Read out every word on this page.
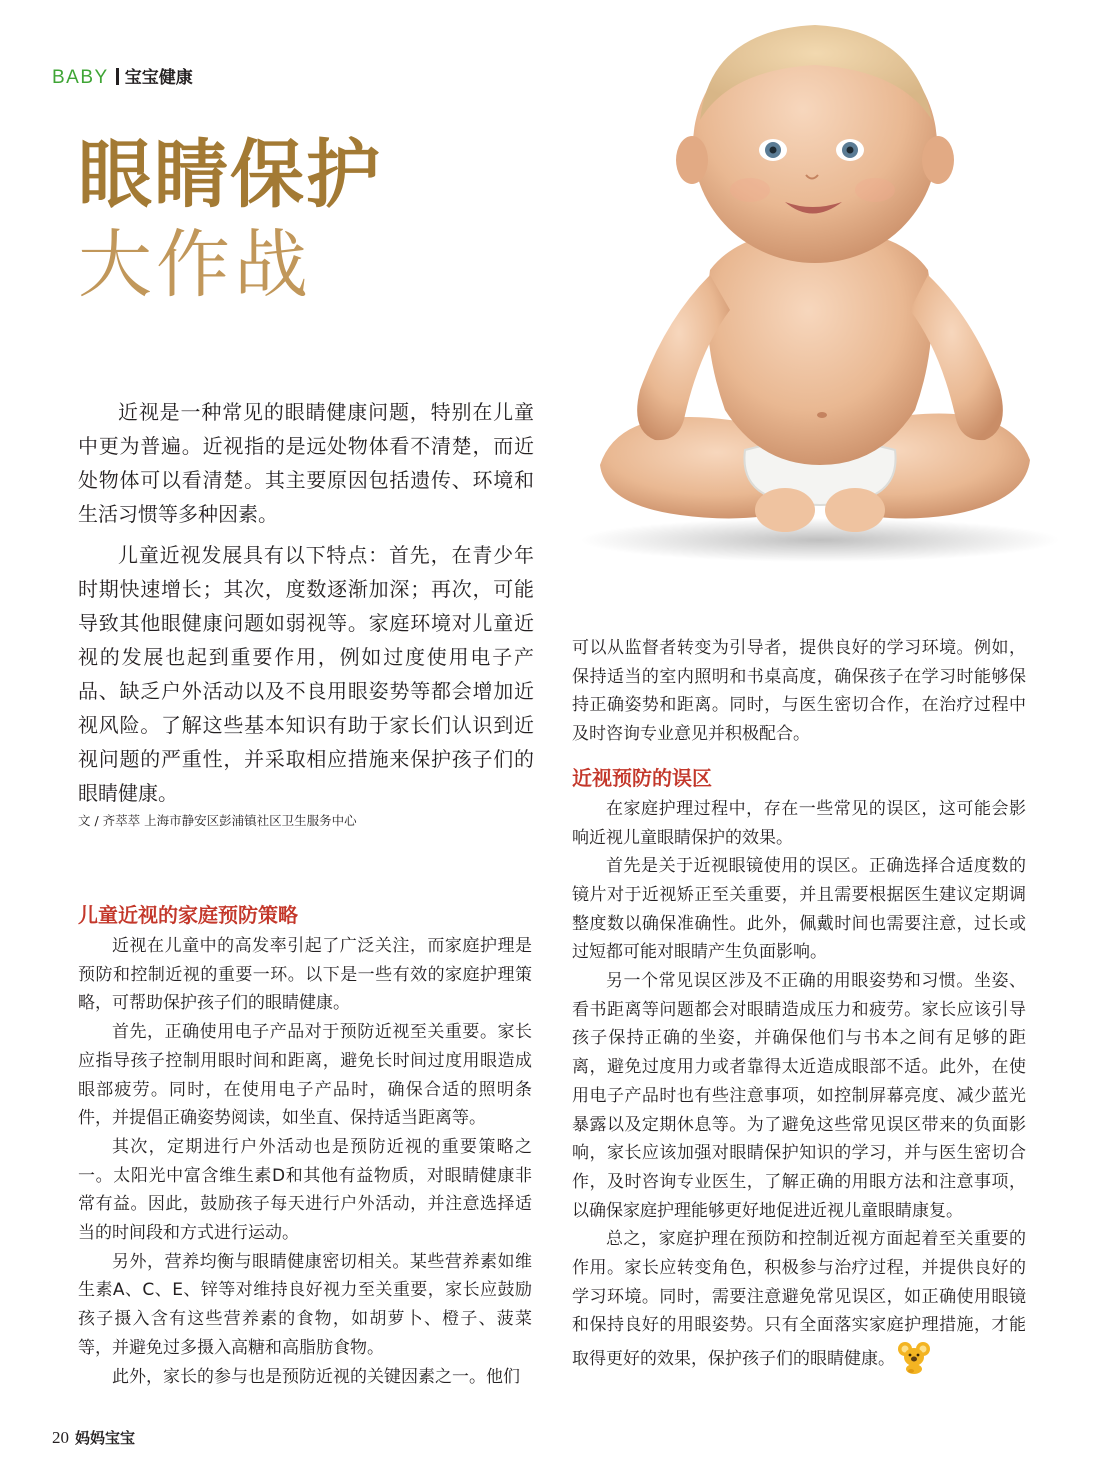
BABY 宝宝健康
眼睛保护
大作战

近视是一种常见的眼睛健康问题，特别在儿童中更为普遍。近视指的是远处物体看不清楚，而近处物体可以看清楚。其主要原因包括遗传、环境和生活习惯等多种因素。

儿童近视发展具有以下特点：首先，在青少年时期快速增长；其次，度数逐渐加深；再次，可能导致其他眼健康问题如弱视等。家庭环境对儿童近视的发展也起到重要作用，例如过度使用电子产品、缺乏户外活动以及不良用眼姿势等都会增加近视风险。了解这些基本知识有助于家长们认识到近视问题的严重性，并采取相应措施来保护孩子们的眼睛健康。

文 / 齐萃萃 上海市静安区彭浦镇社区卫生服务中心

儿童近视的家庭预防策略

近视在儿童中的高发率引起了广泛关注，而家庭护理是预防和控制近视的重要一环。以下是一些有效的家庭护理策略，可帮助保护孩子们的眼睛健康。

首先，正确使用电子产品对于预防近视至关重要。家长应指导孩子控制用眼时间和距离，避免长时间过度用眼造成眼部疲劳。同时，在使用电子产品时，确保合适的照明条件，并提倡正确姿势阅读，如坐直、保持适当距离等。

其次，定期进行户外活动也是预防近视的重要策略之一。太阳光中富含维生素D和其他有益物质，对眼睛健康非常有益。因此，鼓励孩子每天进行户外活动，并注意选择适当的时间段和方式进行运动。

另外，营养均衡与眼睛健康密切相关。某些营养素如维生素A、C、E、锌等对维持良好视力至关重要，家长应鼓励孩子摄入含有这些营养素的食物，如胡萝卜、橙子、菠菜等，并避免过多摄入高糖和高脂肪食物。

此外，家长的参与也是预防近视的关键因素之一。他们

可以从监督者转变为引导者，提供良好的学习环境。例如，保持适当的室内照明和书桌高度，确保孩子在学习时能够保持正确姿势和距离。同时，与医生密切合作，在治疗过程中及时咨询专业意见并积极配合。

近视预防的误区

在家庭护理过程中，存在一些常见的误区，这可能会影响近视儿童眼睛保护的效果。

首先是关于近视眼镜使用的误区。正确选择合适度数的镜片对于近视矫正至关重要，并且需要根据医生建议定期调整度数以确保准确性。此外，佩戴时间也需要注意，过长或过短都可能对眼睛产生负面影响。

另一个常见误区涉及不正确的用眼姿势和习惯。坐姿、看书距离等问题都会对眼睛造成压力和疲劳。家长应该引导孩子保持正确的坐姿，并确保他们与书本之间有足够的距离，避免过度用力或者靠得太近造成眼部不适。此外，在使用电子产品时也有些注意事项，如控制屏幕亮度、减少蓝光暴露以及定期休息等。为了避免这些常见误区带来的负面影响，家长应该加强对眼睛保护知识的学习，并与医生密切合作，及时咨询专业医生，了解正确的用眼方法和注意事项，以确保家庭护理能够更好地促进近视儿童眼睛康复。

总之，家庭护理在预防和控制近视方面起着至关重要的作用。家长应转变角色，积极参与治疗过程，并提供良好的学习环境。同时，需要注意避免常见误区，如正确使用眼镜和保持良好的用眼姿势。只有全面落实家庭护理措施，才能取得更好的效果，保护孩子们的眼睛健康。

20 妈妈宝宝
